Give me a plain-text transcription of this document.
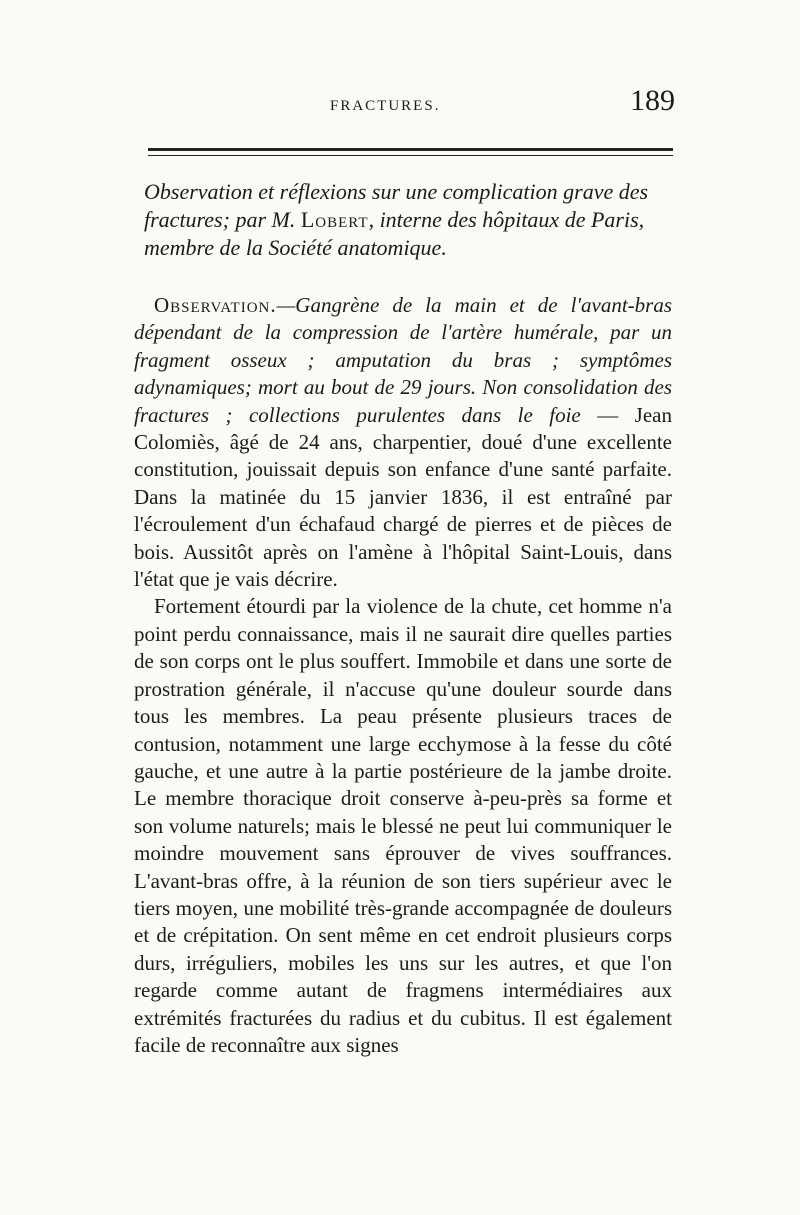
FRACTURES.	189
Observation et réflexions sur une complication grave des fractures; par M. Lobert, interne des hôpitaux de Paris, membre de la Société anatomique.

Observation.—Gangrène de la main et de l'avant-bras dépendant de la compression de l'artère humérale, par un fragment osseux ; amputation du bras ; symptômes adynamiques; mort au bout de 29 jours. Non consolidation des fractures ; collections purulentes dans le foie — Jean Colomiès, âgé de 24 ans, charpentier, doué d'une excellente constitution, jouissait depuis son enfance d'une santé parfaite. Dans la matinée du 15 janvier 1836, il est entraîné par l'écroulement d'un échafaud chargé de pierres et de pièces de bois. Aussitôt après on l'amène à l'hôpital Saint-Louis, dans l'état que je vais décrire.

Fortement étourdi par la violence de la chute, cet homme n'a point perdu connaissance, mais il ne saurait dire quelles parties de son corps ont le plus souffert. Immobile et dans une sorte de prostration générale, il n'accuse qu'une douleur sourde dans tous les membres. La peau présente plusieurs traces de contusion, notamment une large ecchymose à la fesse du côté gauche, et une autre à la partie postérieure de la jambe droite. Le membre thoracique droit conserve à-peu-près sa forme et son volume naturels; mais le blessé ne peut lui communiquer le moindre mouvement sans éprouver de vives souffrances. L'avant-bras offre, à la réunion de son tiers supérieur avec le tiers moyen, une mobilité très-grande accompagnée de douleurs et de crépitation. On sent même en cet endroit plusieurs corps durs, irréguliers, mobiles les uns sur les autres, et que l'on regarde comme autant de fragmens intermédiaires aux extrémités fracturées du radius et du cubitus. Il est également facile de reconnaître aux signes
